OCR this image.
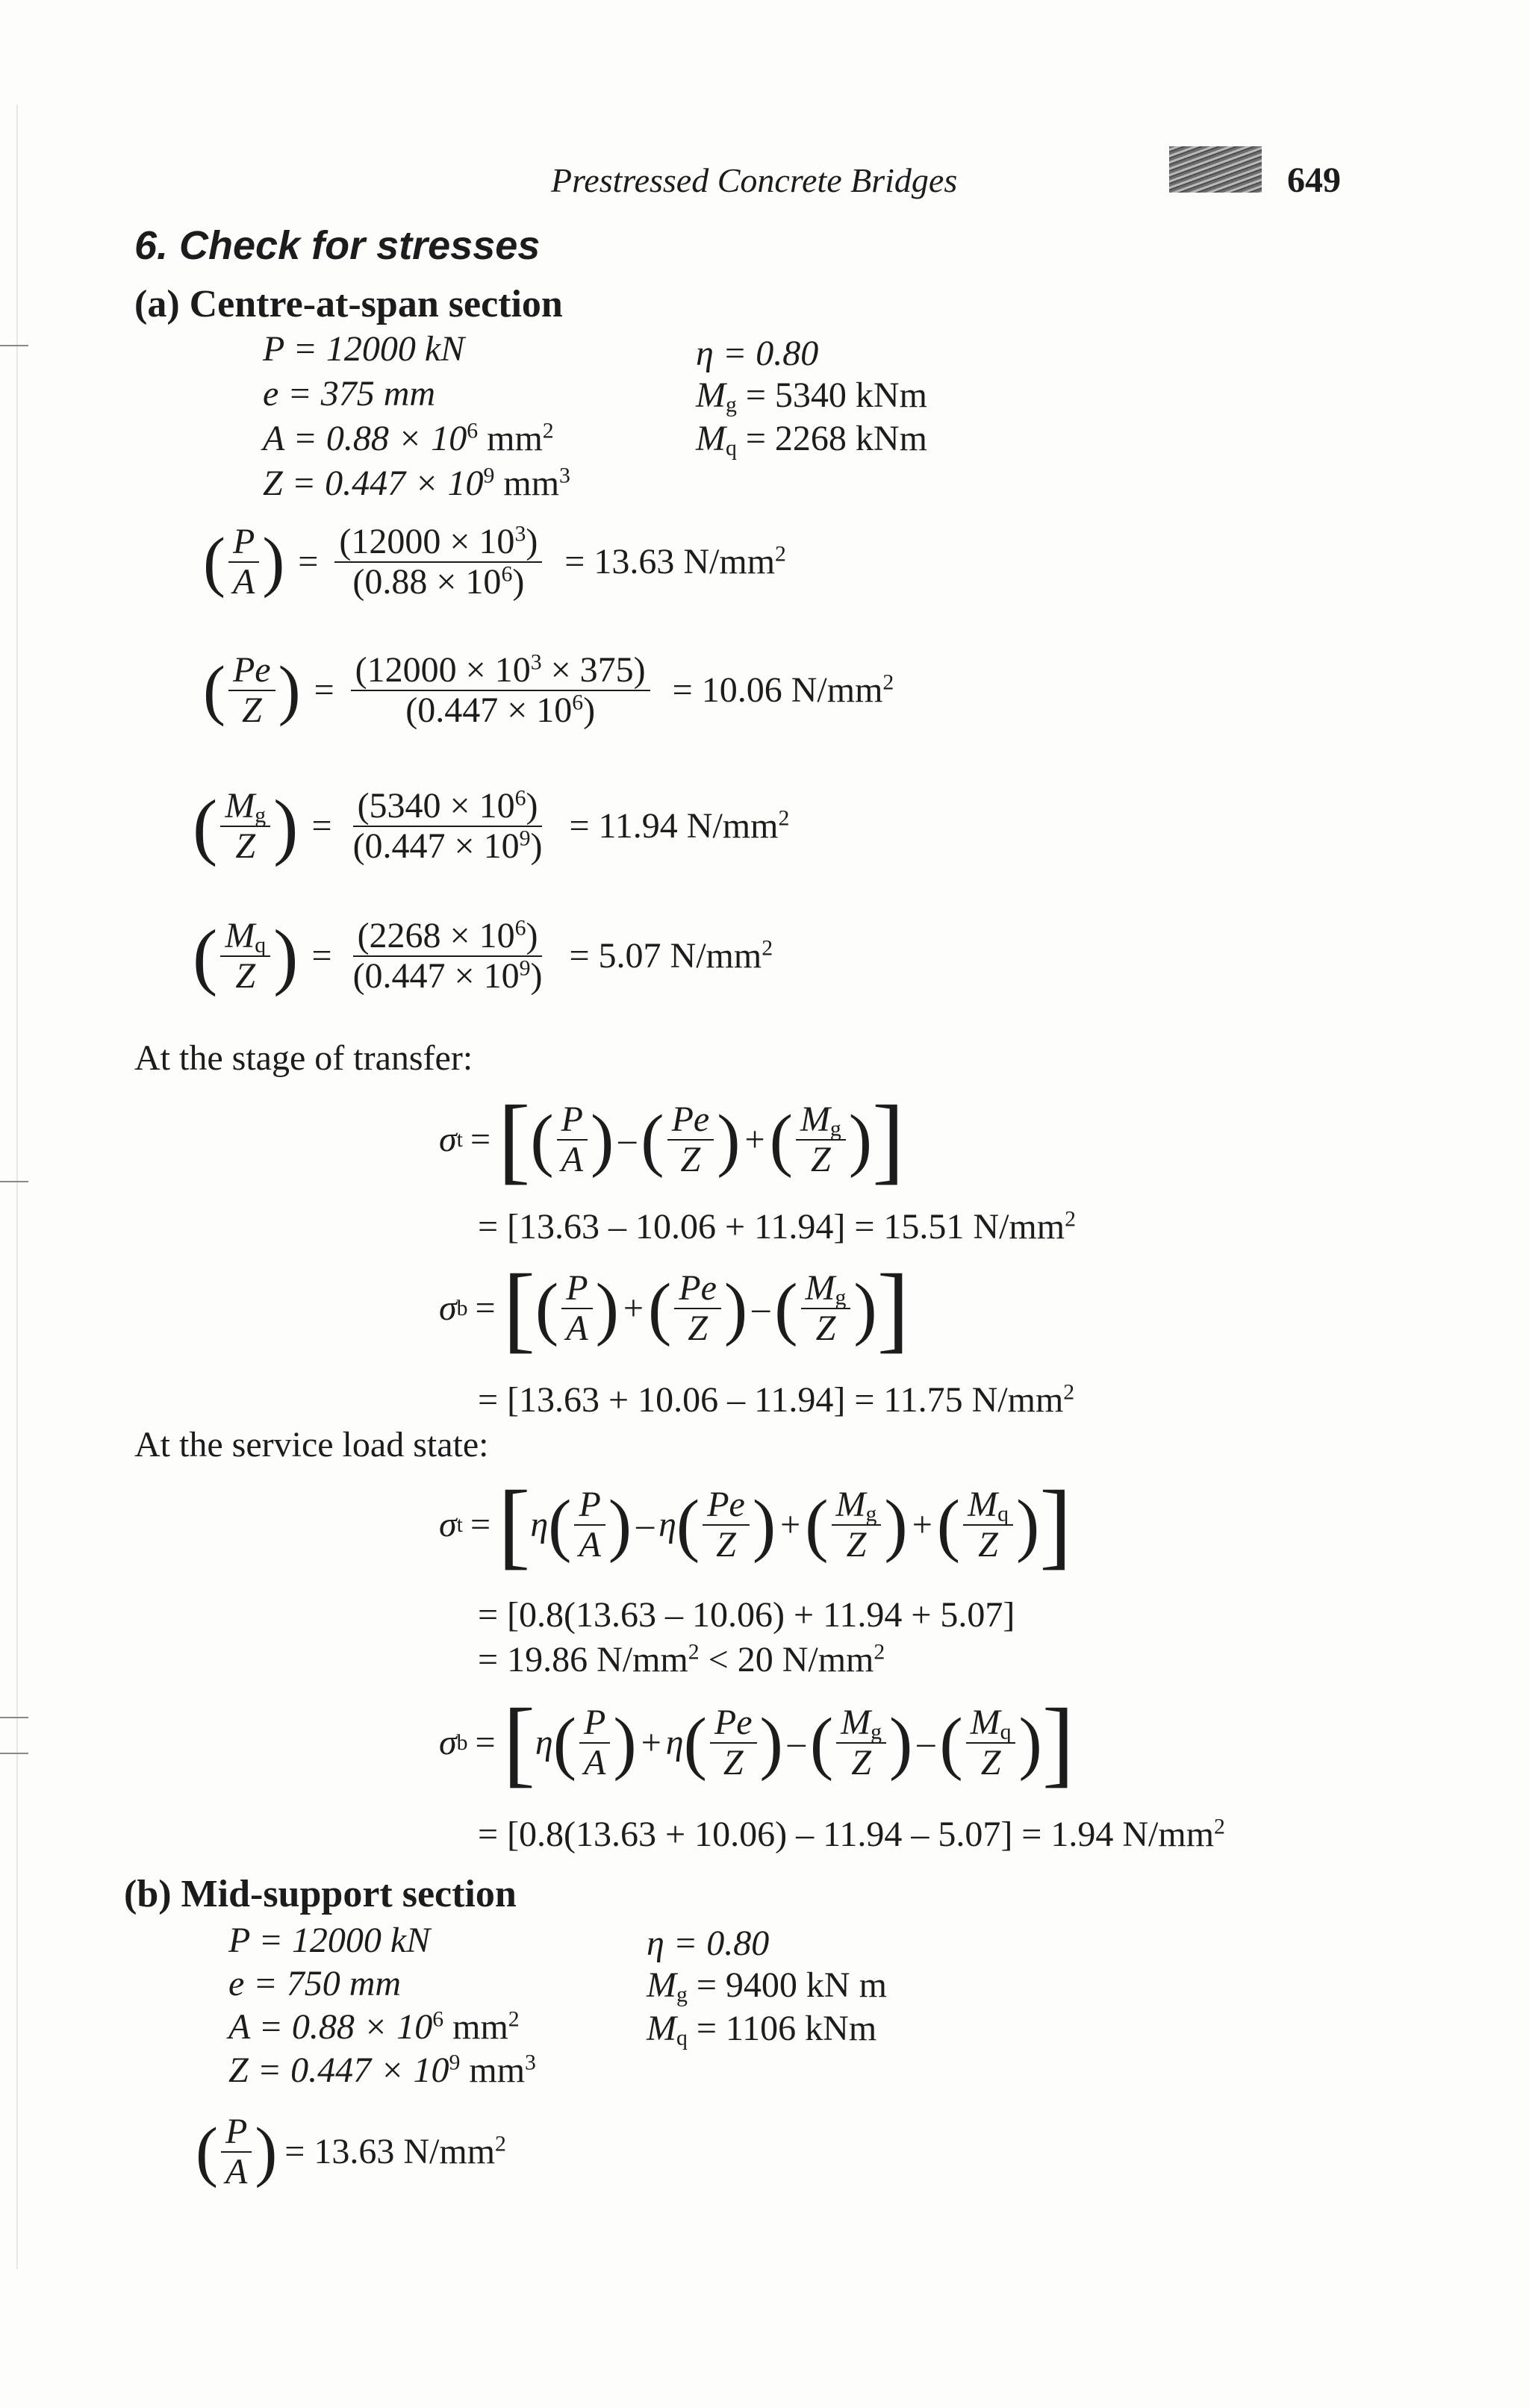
Prestressed Concrete Bridges	649
6. Check for stresses
(a) Centre-at-span section
P = 12000 kN
e = 375 mm
$A = 0.88 \times 10^6$ $mm^2$
$Z = 0.447 \times 10^9$ $mm^3$
η = 0.80
$M_g = 5340$ kNm
$M_q = 2268$ kNm
( $\frac{P}{A}$ ) = $\frac{(12000 \times 10^3)}{(0.88 \times 10^6)} = 13.63$ $N/mm^2$
( $\frac{Pe}{Z}$ ) = $\frac{(12000 \times 10^3 \times 375)}{(0.447 \times 10^6)} = 10.06$ $N/mm^2$
( $\frac{M_g}{Z}$ ) = $\frac{(5340 \times 10^6)}{(0.447 \times 10^9)} = 11.94$ $N/mm^2$
( $\frac{M_q}{Z}$ ) = $\frac{(2268 \times 10^6)}{(0.447 \times 10^9)} = 5.07$ $N/mm^2$
At the stage of transfer:
σ t = [ ( $\frac{P}{A}$ ) – ( $\frac{Pe}{Z}$ ) + ( $\frac{M_g}{Z}$ ) ]
= [13.63 – 10.06 + 11.94] = 15.51 $N/mm^2$
σ b = [ ( $\frac{P}{A}$ ) + ( $\frac{Pe}{Z}$ ) – ( $\frac{M_g}{Z}$ ) ]
= [13.63 + 10.06 – 11.94] = 11.75 $N/mm^2$
At the service load state:
σ t = [ η ( $\frac{P}{A}$ ) – η ( $\frac{Pe}{Z}$ ) + ( $\frac{M_g}{Z}$ ) + ( $\frac{M_q}{Z}$ ) ]
= [0.8(13.63 – 10.06) + 11.94 + 5.07]
= 19.86 $N/mm^2 < 20$ $N/mm^2$
σ b = [ η ( $\frac{P}{A}$ ) + η ( $\frac{Pe}{Z}$ ) – ( $\frac{M_g}{Z}$ ) – ( $\frac{M_q}{Z}$ ) ]
= [0.8(13.63 + 10.06) – 11.94 – 5.07] = 1.94 $N/mm^2$
(b) Mid-support section
P = 12000 kN
e = 750 mm
$A = 0.88 \times 10^6$ $mm^2$
$Z = 0.447 \times 10^9$ $mm^3$
η = 0.80
$M_g = 9400$ kN m
$M_q = 1106$ kNm
( $\frac{P}{A}$ ) = 13.63 $N/mm^2$
